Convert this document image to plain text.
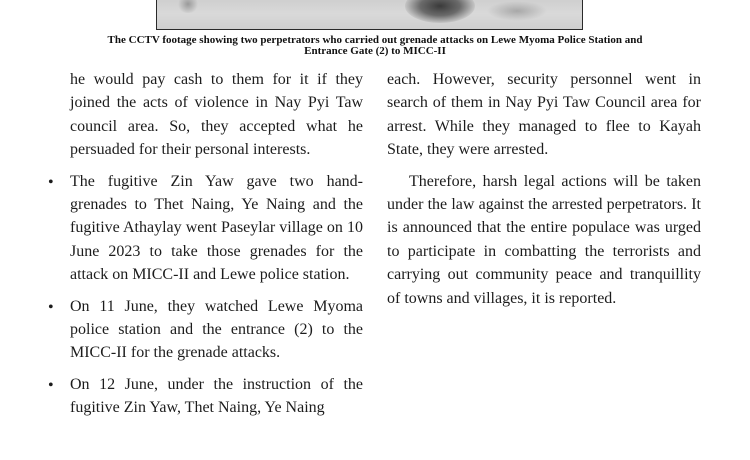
The CCTV footage showing two perpetrators who carried out grenade attacks on Lewe Myoma Police Station and Entrance Gate (2) to MICC-II

he would pay cash to them for it if they joined the acts of violence in Nay Pyi Taw council area. So, they accepted what he persuaded for their personal interests.

•	The fugitive Zin Yaw gave two hand-grenades to Thet Naing, Ye Naing and the fugitive Athaylay went Paseylar village on 10 June 2023 to take those grenades for the attack on MICC-II and Lewe police station.
•	On 11 June, they watched Lewe Myoma police station and the entrance (2) to the MICC-II for the grenade attacks.
•	On 12 June, under the instruction of the fugitive Zin Yaw, Thet Naing, Ye Naing

each. However, security personnel went in search of them in Nay Pyi Taw Council area for arrest. While they managed to flee to Kayah State, they were arrested.

Therefore, harsh legal actions will be taken under the law against the arrested perpetrators. It is announced that the entire populace was urged to participate in combatting the terrorists and carrying out community peace and tranquillity of towns and villages, it is reported.
